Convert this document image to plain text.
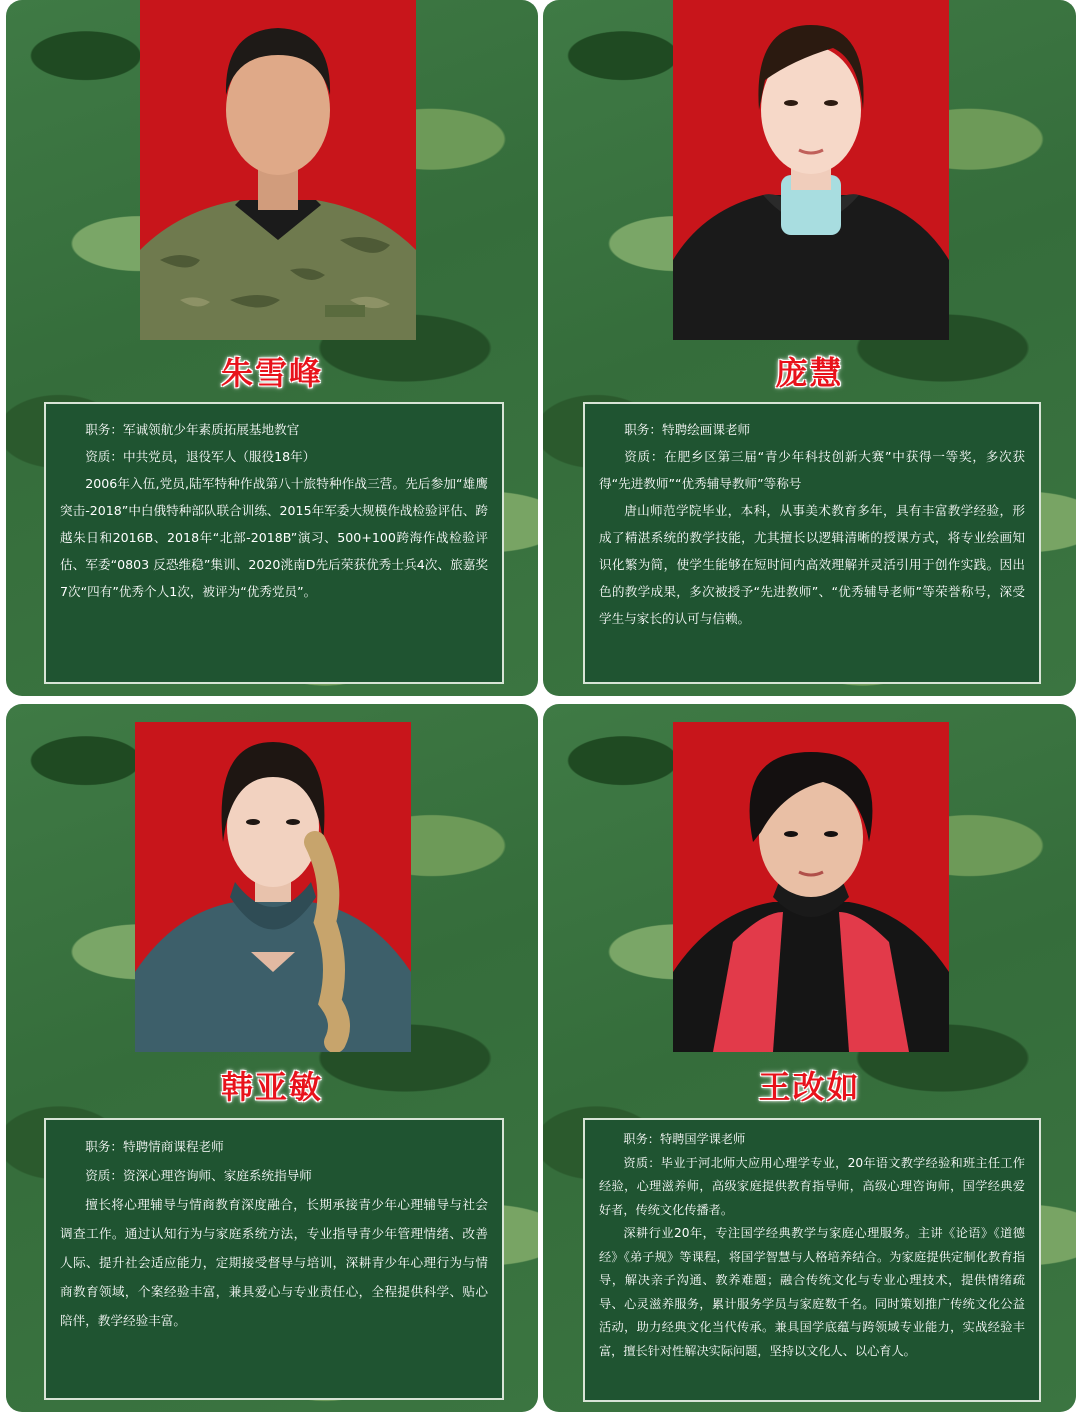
朱雪峰
职务：军诚领航少年素质拓展基地教官
资质：中共党员，退役军人（服役18年）

2006年入伍,党员,陆军特种作战第八十旅特种作战三营。先后参加“雄鹰突击-2018”中白俄特种部队联合训练、2015年军委大规模作战检验评估、跨越朱日和2016B、2018年“北部-2018B”演习、500+100跨海作战检验评估、军委“0803 反恐维稳”集训、2020洮南D先后荣获优秀士兵4次、旅嘉奖7次“四有”优秀个人1次，被评为“优秀党员”。

庞慧
职务：特聘绘画课老师

资质：在肥乡区第三届“青少年科技创新大赛”中获得一等奖，多次获得“先进教师”“优秀辅导教师”等称号

唐山师范学院毕业，本科，从事美术教育多年，具有丰富教学经验，形成了精湛系统的教学技能，尤其擅长以逻辑清晰的授课方式，将专业绘画知识化繁为简，使学生能够在短时间内高效理解并灵活引用于创作实践。因出色的教学成果，多次被授予“先进教师”、“优秀辅导老师”等荣誉称号，深受学生与家长的认可与信赖。

韩亚敏
职务：特聘情商课程老师
资质：资深心理咨询师、家庭系统指导师

擅长将心理辅导与情商教育深度融合，长期承接青少年心理辅导与社会调查工作。通过认知行为与家庭系统方法，专业指导青少年管理情绪、改善人际、提升社会适应能力，定期接受督导与培训，深耕青少年心理行为与情商教育领域，个案经验丰富，兼具爱心与专业责任心，全程提供科学、贴心陪伴，教学经验丰富。

王改如
职务：特聘国学课老师

资质：毕业于河北师大应用心理学专业，20年语文教学经验和班主任工作经验，心理滋养师，高级家庭提供教育指导师，高级心理咨询师，国学经典爱好者，传统文化传播者。

深耕行业20年，专注国学经典教学与家庭心理服务。主讲《论语》《道德经》《弟子规》等课程，将国学智慧与人格培养结合。为家庭提供定制化教育指导，解决亲子沟通、教养难题；融合传统文化与专业心理技术，提供情绪疏导、心灵滋养服务，累计服务学员与家庭数千名。同时策划推广传统文化公益活动，助力经典文化当代传承。兼具国学底蕴与跨领域专业能力，实战经验丰富，擅长针对性解决实际问题，坚持以文化人、以心育人。
